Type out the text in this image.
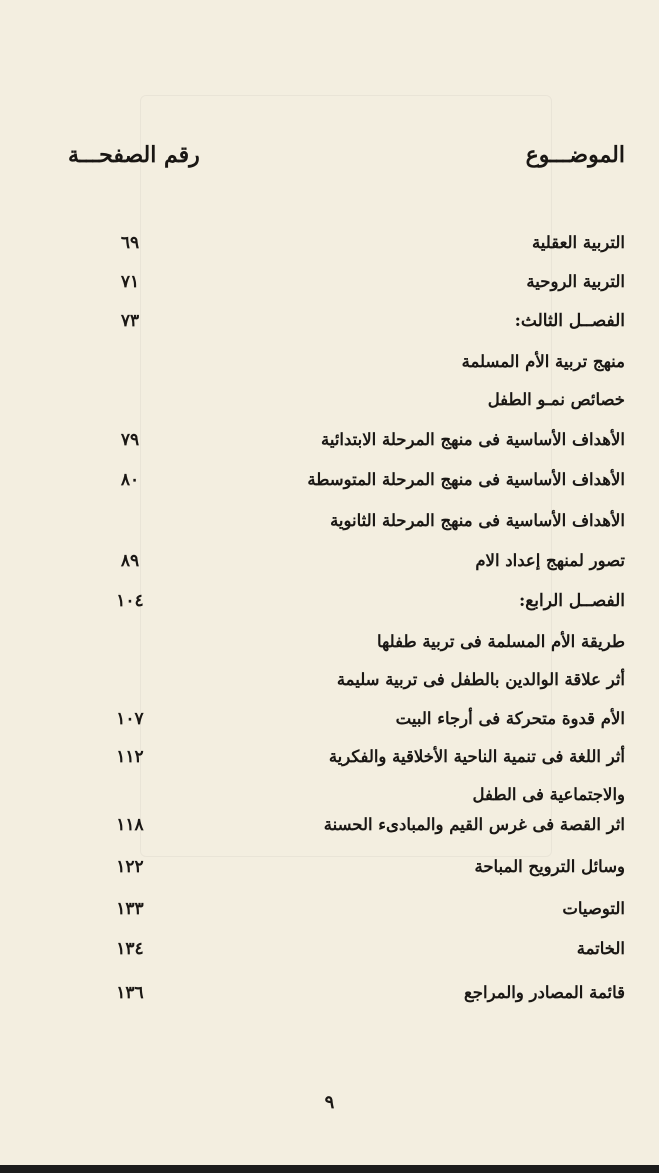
الموضـــوع
رقم الصفحـــة
التربية العقلية
٦٩
التربية الروحية
٧١
الفصــل الثالث:
٧٣
منهج تربية الأم المسلمة
خصائص نمـو الطفل
الأهداف الأساسية فى منهج المرحلة الابتدائية
٧٩
الأهداف الأساسية فى منهج المرحلة المتوسطة
٨٠
الأهداف الأساسية فى منهج المرحلة الثانوية
تصور لمنهج إعداد الام
٨٩
الفصــل الرابع:
١٠٤
طريقة الأم المسلمة فى تربية طفلها
أثر علاقة الوالدين بالطفل فى تربية سليمة
الأم قدوة متحركة فى أرجاء البيت
١٠٧
أثر اللغة فى تنمية الناحية الأخلاقية والفكرية
١١٢
والاجتماعية فى الطفل
اثر القصة فى غرس القيم والمبادىء الحسنة
١١٨
وسائل الترويح المباحة
١٢٢
التوصيات
١٣٣
الخاتمة
١٣٤
قائمة المصادر والمراجع
١٣٦
٩
